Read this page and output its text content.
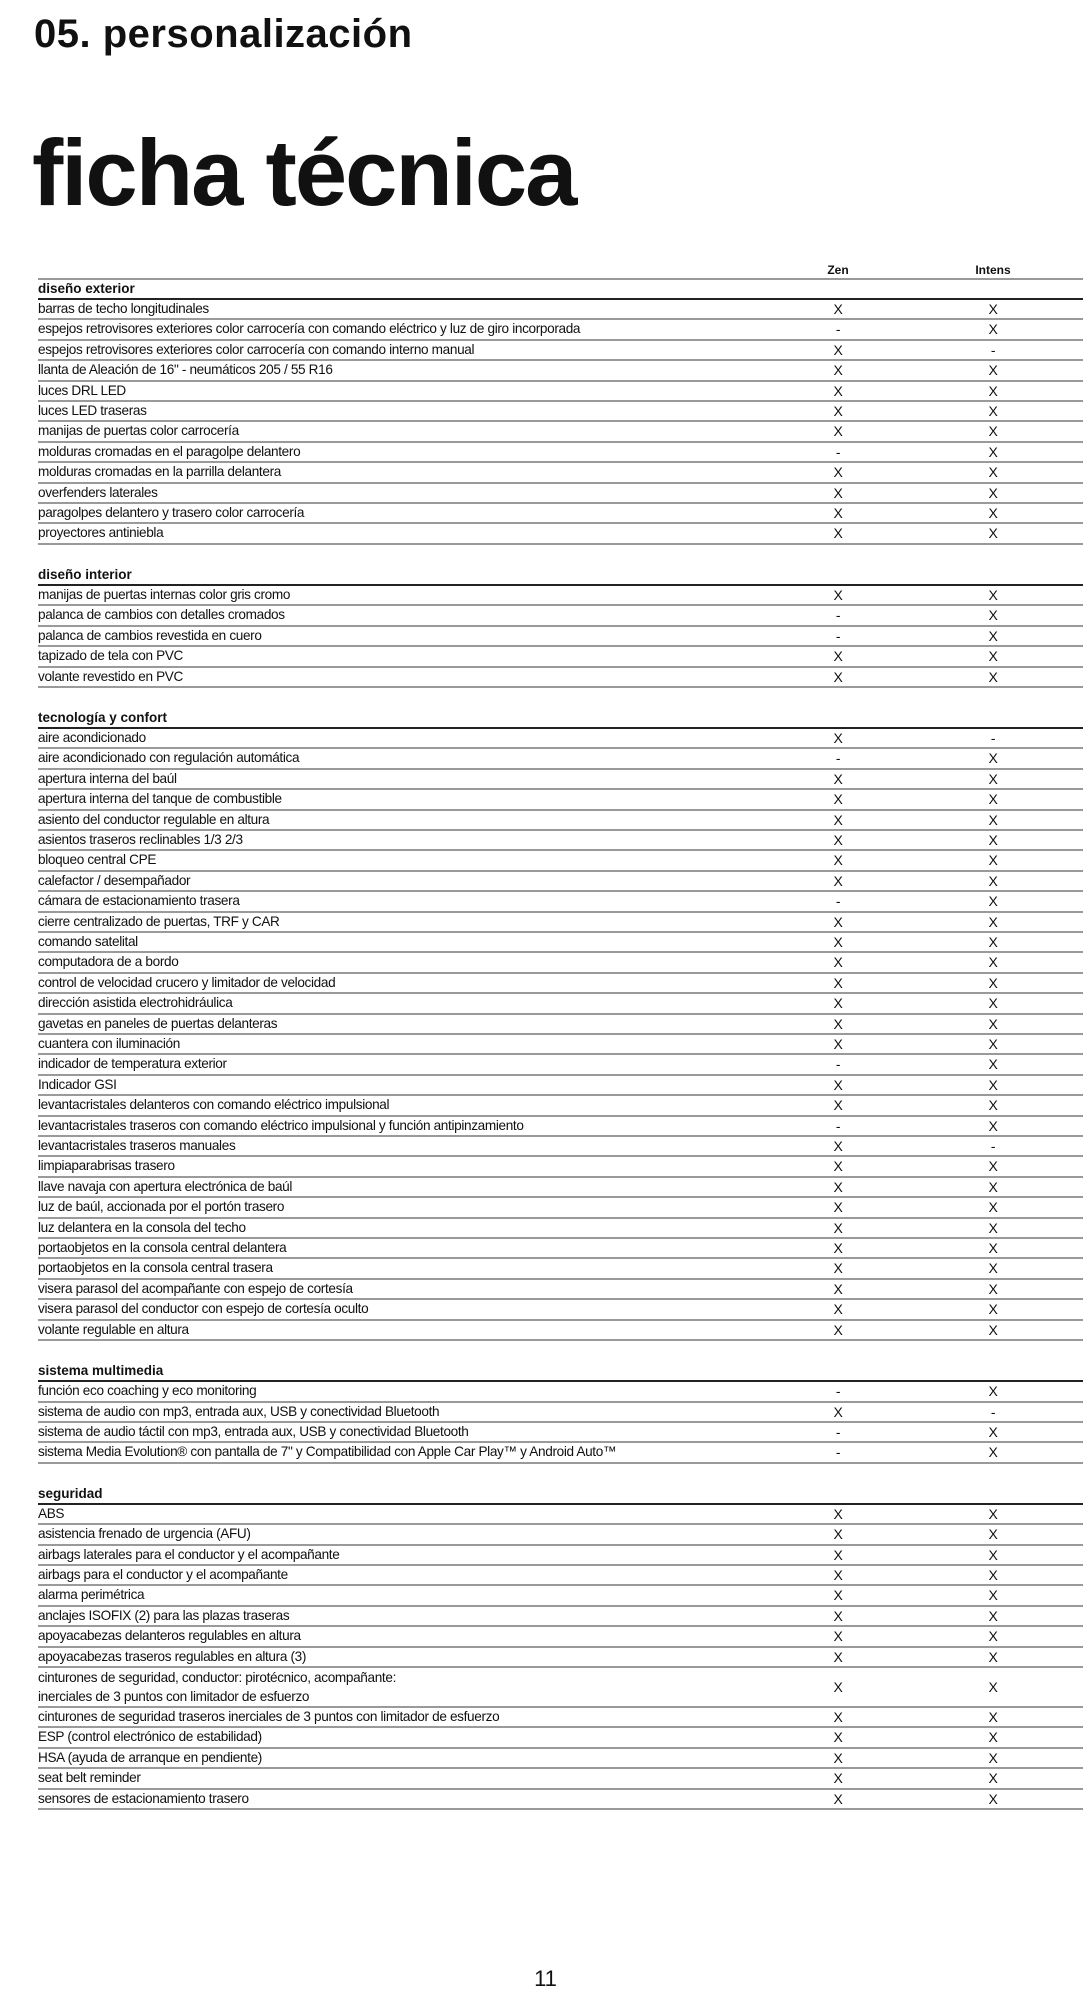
05. personalización
ficha técnica
Zen	Intens
diseño exterior
barras de techo longitudinales	X	X
espejos retrovisores exteriores color carrocería con comando eléctrico y luz de giro incorporada	-	X
espejos retrovisores exteriores color carrocería con comando interno manual	X	-
llanta de Aleación de 16" - neumáticos 205 / 55 R16	X	X
luces DRL LED	X	X
luces LED traseras	X	X
manijas de puertas color carrocería	X	X
molduras cromadas en el paragolpe delantero	-	X
molduras cromadas en la parrilla delantera	X	X
overfenders laterales	X	X
paragolpes delantero y trasero color carrocería	X	X
proyectores antiniebla	X	X
diseño interior
manijas de puertas internas color gris cromo	X	X
palanca de cambios con detalles cromados	-	X
palanca de cambios revestida en cuero	-	X
tapizado de tela con PVC	X	X
volante revestido en PVC	X	X
tecnología y confort
aire acondicionado	X	-
aire acondicionado con regulación automática	-	X
apertura interna del baúl	X	X
apertura interna del tanque de combustible	X	X
asiento del conductor regulable en altura	X	X
asientos traseros reclinables 1/3 2/3	X	X
bloqueo central CPE	X	X
calefactor / desempañador	X	X
cámara de estacionamiento trasera	-	X
cierre centralizado de puertas, TRF y CAR	X	X
comando satelital	X	X
computadora de a bordo	X	X
control de velocidad crucero y limitador de velocidad	X	X
dirección asistida electrohidráulica	X	X
gavetas en paneles de puertas delanteras	X	X
cuantera con iluminación	X	X
indicador de temperatura exterior	-	X
Indicador GSI	X	X
levantacristales delanteros con comando eléctrico impulsional	X	X
levantacristales traseros con comando eléctrico impulsional y función antipinzamiento	-	X
levantacristales traseros manuales	X	-
limpiaparabrisas trasero	X	X
llave navaja con apertura electrónica de baúl	X	X
luz de baúl, accionada por el portón trasero	X	X
luz delantera en la consola del techo	X	X
portaobjetos en la consola central delantera	X	X
portaobjetos en la consola central trasera	X	X
visera parasol del acompañante con espejo de cortesía	X	X
visera parasol del conductor con espejo de cortesía oculto	X	X
volante regulable en altura	X	X
sistema multimedia
función eco coaching y eco monitoring	-	X
sistema de audio con mp3, entrada aux, USB y conectividad Bluetooth	X	-
sistema de audio táctil con mp3, entrada aux, USB y conectividad Bluetooth	-	X
sistema Media Evolution® con pantalla de 7" y Compatibilidad con Apple Car Play™ y Android Auto™	-	X
seguridad
ABS	X	X
asistencia frenado de urgencia (AFU)	X	X
airbags laterales para el conductor y el acompañante	X	X
airbags para el conductor y el acompañante	X	X
alarma perimétrica	X	X
anclajes ISOFIX (2) para las plazas traseras	X	X
apoyacabezas delanteros regulables en altura	X	X
apoyacabezas traseros regulables en altura (3)	X	X
cinturones de seguridad, conductor: pirotécnico, acompañante:
inerciales de 3 puntos con limitador de esfuerzo
X	X
cinturones de seguridad traseros inerciales de 3 puntos con limitador de esfuerzo	X	X
ESP (control electrónico de estabilidad)	X	X
HSA (ayuda de arranque en pendiente)	X	X
seat belt reminder	X	X
sensores de estacionamiento trasero	X	X
11
